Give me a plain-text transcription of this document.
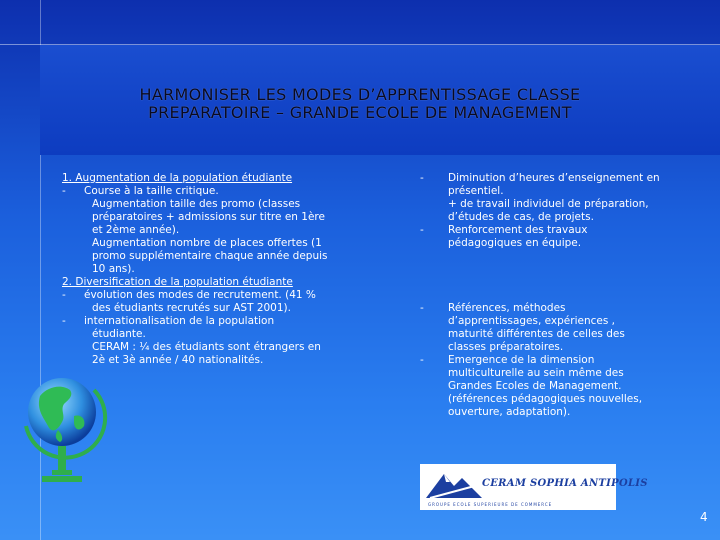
HARMONISER LES MODES D’APPRENTISSAGE CLASSE
PREPARATOIRE – GRANDE ECOLE DE MANAGEMENT
1. Augmentation de la population étudiante
-	Course à la taille critique.
Augmentation taille des promo (classes
préparatoires + admissions sur titre en 1ère
et 2ème année).
Augmentation nombre de places offertes (1
promo supplémentaire chaque année depuis
10 ans).
2. Diversification de la population étudiante
-	évolution des modes de recrutement. (41 %
des étudiants recrutés sur AST 2001).
-	internationalisation de la population
étudiante.
CERAM : ¼ des étudiants sont étrangers en
2è et 3è année / 40 nationalités.
-	Diminution d’heures d’enseignement en
présentiel.
+ de travail individuel de préparation,
d’études de cas, de projets.
-	Renforcement des travaux
pédagogiques en équipe.
-	Références, méthodes
d’apprentissages, expériences ,
maturité différentes de celles des
classes préparatoires.
-	Emergence de la dimension
multiculturelle au sein même des
Grandes Ecoles de Management.
(références pédagogiques nouvelles,
ouverture, adaptation).
CERAM SOPHIA ANTIPOLIS
GROUPE ECOLE SUPERIEURE DE COMMERCE
4
